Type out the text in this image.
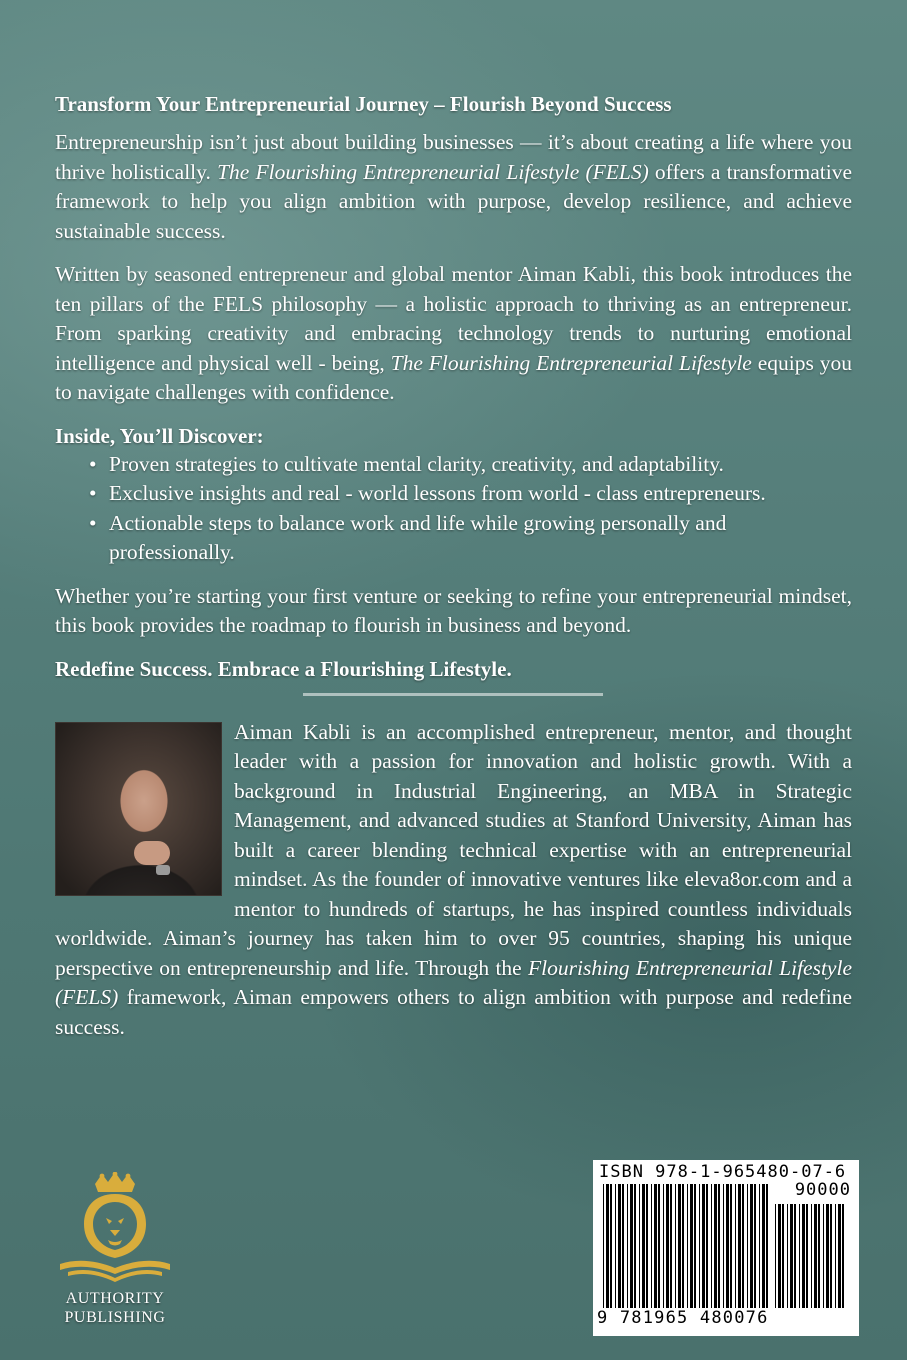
Transform Your Entrepreneurial Journey – Flourish Beyond Success

Entrepreneurship isn’t just about building businesses — it’s about creating a life where you thrive holistically. The Flourishing Entrepreneurial Lifestyle (FELS) offers a transformative framework to help you align ambition with purpose, develop resilience, and achieve sustainable success.

Written by seasoned entrepreneur and global mentor Aiman Kabli, this book introduces the ten pillars of the FELS philosophy — a holistic approach to thriving as an entrepreneur. From sparking creativity and embracing technology trends to nurturing emotional intelligence and physical well - being, The Flourishing Entrepreneurial Lifestyle equips you to navigate challenges with confidence.

Inside, You’ll Discover:

• Proven strategies to cultivate mental clarity, creativity, and adaptability.
• Exclusive insights and real - world lessons from world - class entrepreneurs.
• Actionable steps to balance work and life while growing personally and professionally.

Whether you’re starting your first venture or seeking to refine your entrepreneurial mindset, this book provides the roadmap to flourish in business and beyond.

Redefine Success. Embrace a Flourishing Lifestyle.

Aiman Kabli is an accomplished entrepreneur, mentor, and thought leader with a passion for innovation and holistic growth. With a background in Industrial Engineering, an MBA in Strategic Management, and advanced studies at Stanford University, Aiman has built a career blending technical expertise with an entrepreneurial mindset. As the founder of innovative ventures like eleva8or.com and a mentor to hundreds of startups, he has inspired countless individuals worldwide. Aiman’s journey has taken him to over 95 countries, shaping his unique perspective on entrepreneurship and life. Through the Flourishing Entrepreneurial Lifestyle (FELS) framework, Aiman empowers others to align ambition with purpose and redefine success.

AUTHORITY
PUBLISHING
ISBN 978-1-965480-07-6
90000
9 781965 480076
